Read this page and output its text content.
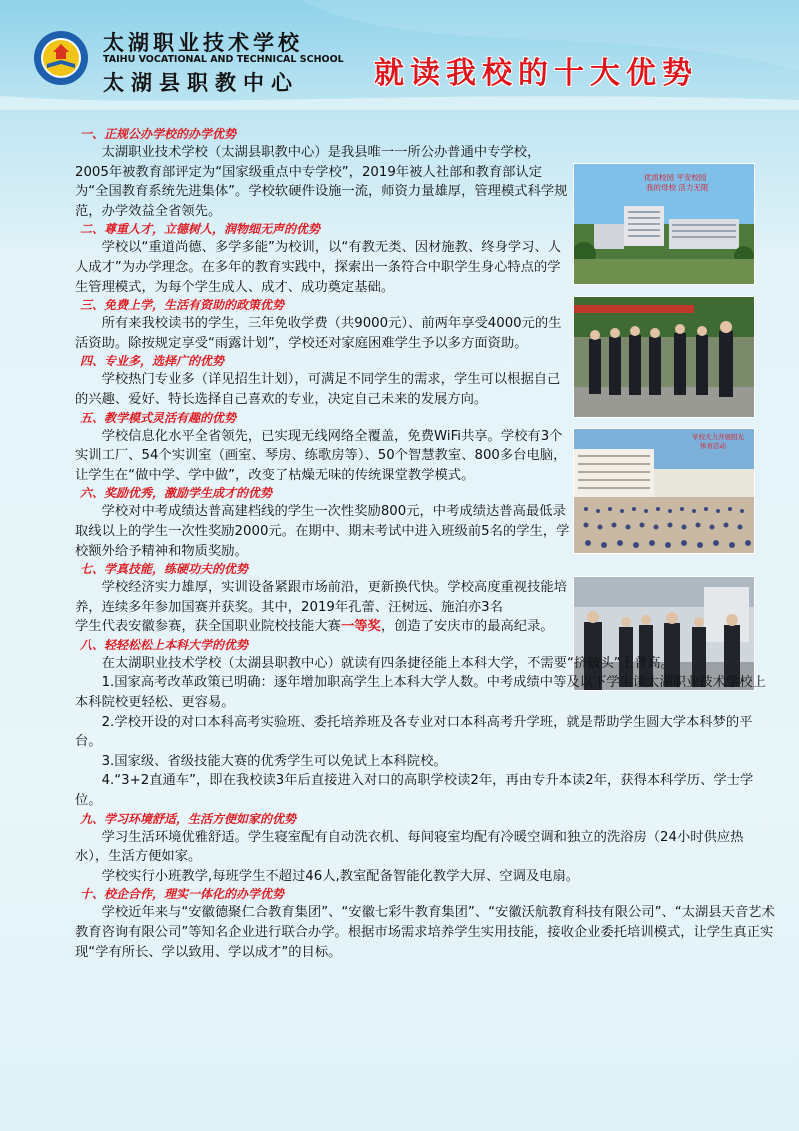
太湖职业技术学校
TAIHU VOCATIONAL AND TECHNICAL SCHOOL
太湖县职教中心	就读我校的十大优势
优质校园 平安校园
我的母校 活力无限
学校大力开展阳光
体育活动
一、正规公办学校的办学优势

太湖职业技术学校（太湖县职教中心）是我县唯一一所公办普通中专学校，2005年被教育部评定为“国家级重点中专学校”，2019年被人社部和教育部认定为“全国教育系统先进集体”。学校软硬件设施一流，师资力量雄厚，管理模式科学规范，办学效益全省领先。

二、尊重人才，立德树人，润物细无声的优势

学校以“重道尚德、多学多能”为校训，以“有教无类、因材施教、终身学习、人人成才”为办学理念。在多年的教育实践中，探索出一条符合中职学生身心特点的学生管理模式，为每个学生成人、成才、成功奠定基础。

三、免费上学，生活有资助的政策优势

所有来我校读书的学生，三年免收学费（共9000元）、前两年享受4000元的生活资助。除按规定享受“雨露计划”，学校还对家庭困难学生予以多方面资助。

四、专业多，选择广的优势

学校热门专业多（详见招生计划），可满足不同学生的需求，学生可以根据自己的兴趣、爱好、特长选择自己喜欢的专业，决定自己未来的发展方向。

五、教学模式灵活有趣的优势

学校信息化水平全省领先，已实现无线网络全覆盖，免费WiFi共享。学校有3个实训工厂、54个实训室（画室、琴房、练歌房等）、50个智慧教室、800多台电脑，让学生在“做中学、学中做”，改变了枯燥无味的传统课堂教学模式。

六、奖励优秀，激励学生成才的优势

学校对中考成绩达普高建档线的学生一次性奖励800元，中考成绩达普高最低录取线以上的学生一次性奖励2000元。在期中、期末考试中进入班级前5名的学生，学校额外给予精神和物质奖励。

七、学真技能，练硬功夫的优势

学校经济实力雄厚，实训设备紧跟市场前沿，更新换代快。学校高度重视技能培养，连续多年参加国赛并获奖。其中，2019年孔蕾、汪树远、施泊亦3名

学生代表安徽参赛，获全国职业院校技能大赛一等奖，创造了安庆市的最高纪录。

八、轻轻松松上本科大学的优势

在太湖职业技术学校（太湖县职教中心）就读有四条捷径能上本科大学，不需要“挤破头”上普高。

1.国家高考改革政策已明确：逐年增加职高学生上本科大学人数。中考成绩中等及以下学生读太湖职业技术学校上本科院校更轻松、更容易。

2.学校开设的对口本科高考实验班、委托培养班及各专业对口本科高考升学班，就是帮助学生圆大学本科梦的平台。

3.国家级、省级技能大赛的优秀学生可以免试上本科院校。

4.“3+2直通车”，即在我校读3年后直接进入对口的高职学校读2年，再由专升本读2年，获得本科学历、学士学位。

九、学习环境舒适，生活方便如家的优势

学习生活环境优雅舒适。学生寝室配有自动洗衣机、每间寝室均配有冷暖空调和独立的洗浴房（24小时供应热水），生活方便如家。

学校实行小班教学,每班学生不超过46人,教室配备智能化教学大屏、空调及电扇。

十、校企合作，理实一体化的办学优势

学校近年来与“安徽德聚仁合教育集团”、“安徽七彩牛教育集团”、“安徽沃航教育科技有限公司”、“太湖县天音艺术教育咨询有限公司”等知名企业进行联合办学。根据市场需求培养学生实用技能，接收企业委托培训模式，让学生真正实现“学有所长、学以致用、学以成才”的目标。
